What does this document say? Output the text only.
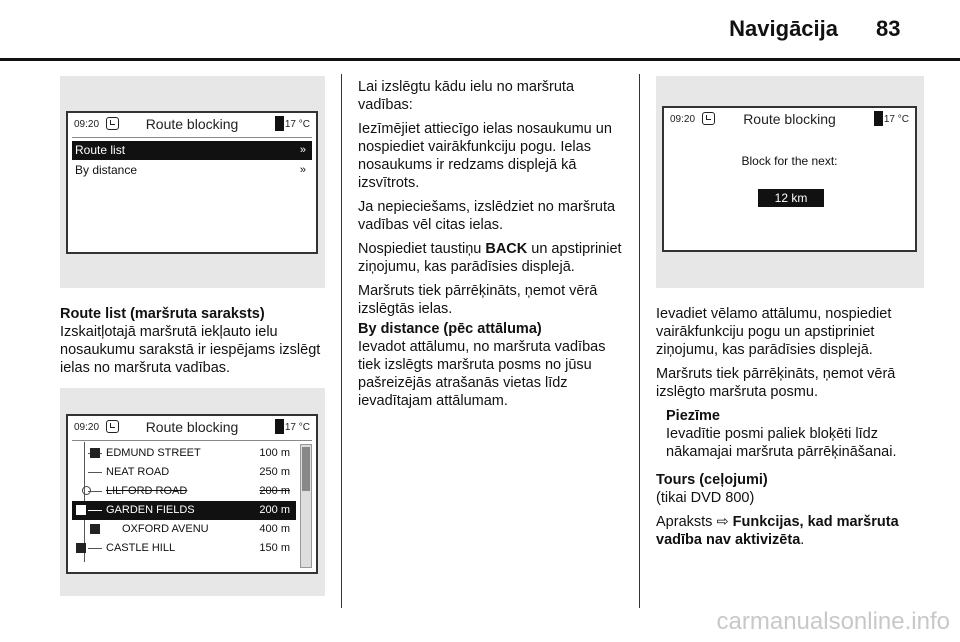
Navigācija 83
09:20	Route blocking	17 °C
Route list	»
By distance	»
Route list (maršruta saraksts)
Izskaitļotajā maršrutā iekļauto ielu nosaukumu sarakstā ir iespējams izslēgt ielas no maršruta vadības.
09:20	Route blocking	17 °C
EDMUND STREET	100 m
NEAT ROAD	250 m
LILFORD ROAD	200 m
GARDEN FIELDS	200 m
OXFORD AVENU	400 m
CASTLE HILL	150 m

Lai izslēgtu kādu ielu no maršruta vadības:

Iezīmējiet attiecīgo ielas nosaukumu un nospiediet vairākfunkciju pogu. Ielas nosaukums ir redzams displejā kā izsvītrots.

Ja nepieciešams, izslēdziet no maršruta vadības vēl citas ielas.

Nospiediet taustiņu BACK un apstipriniet ziņojumu, kas parādīsies displejā.

Maršruts tiek pārrēķināts, ņemot vērā izslēgtās ielas.

By distance (pēc attāluma)
Ievadot attālumu, no maršruta vadības tiek izslēgts maršruta posms no jūsu pašreizējās atrašanās vietas līdz ievadītajam attālumam.
09:20	Route blocking	17 °C
Block for the next:
12 km

Ievadiet vēlamo attālumu, nospiediet vairākfunkciju pogu un apstipriniet ziņojumu, kas parādīsies displejā.

Maršruts tiek pārrēķināts, ņemot vērā izslēgto maršruta posmu.

Piezīme
Ievadītie posmi paliek bloķēti līdz nākamajai maršruta pārrēķināšanai.
Tours (ceļojumi)

(tikai DVD 800)

Apraksts ⇨ Funkcijas, kad maršruta vadība nav aktivizēta.

carmanualsonline.info
